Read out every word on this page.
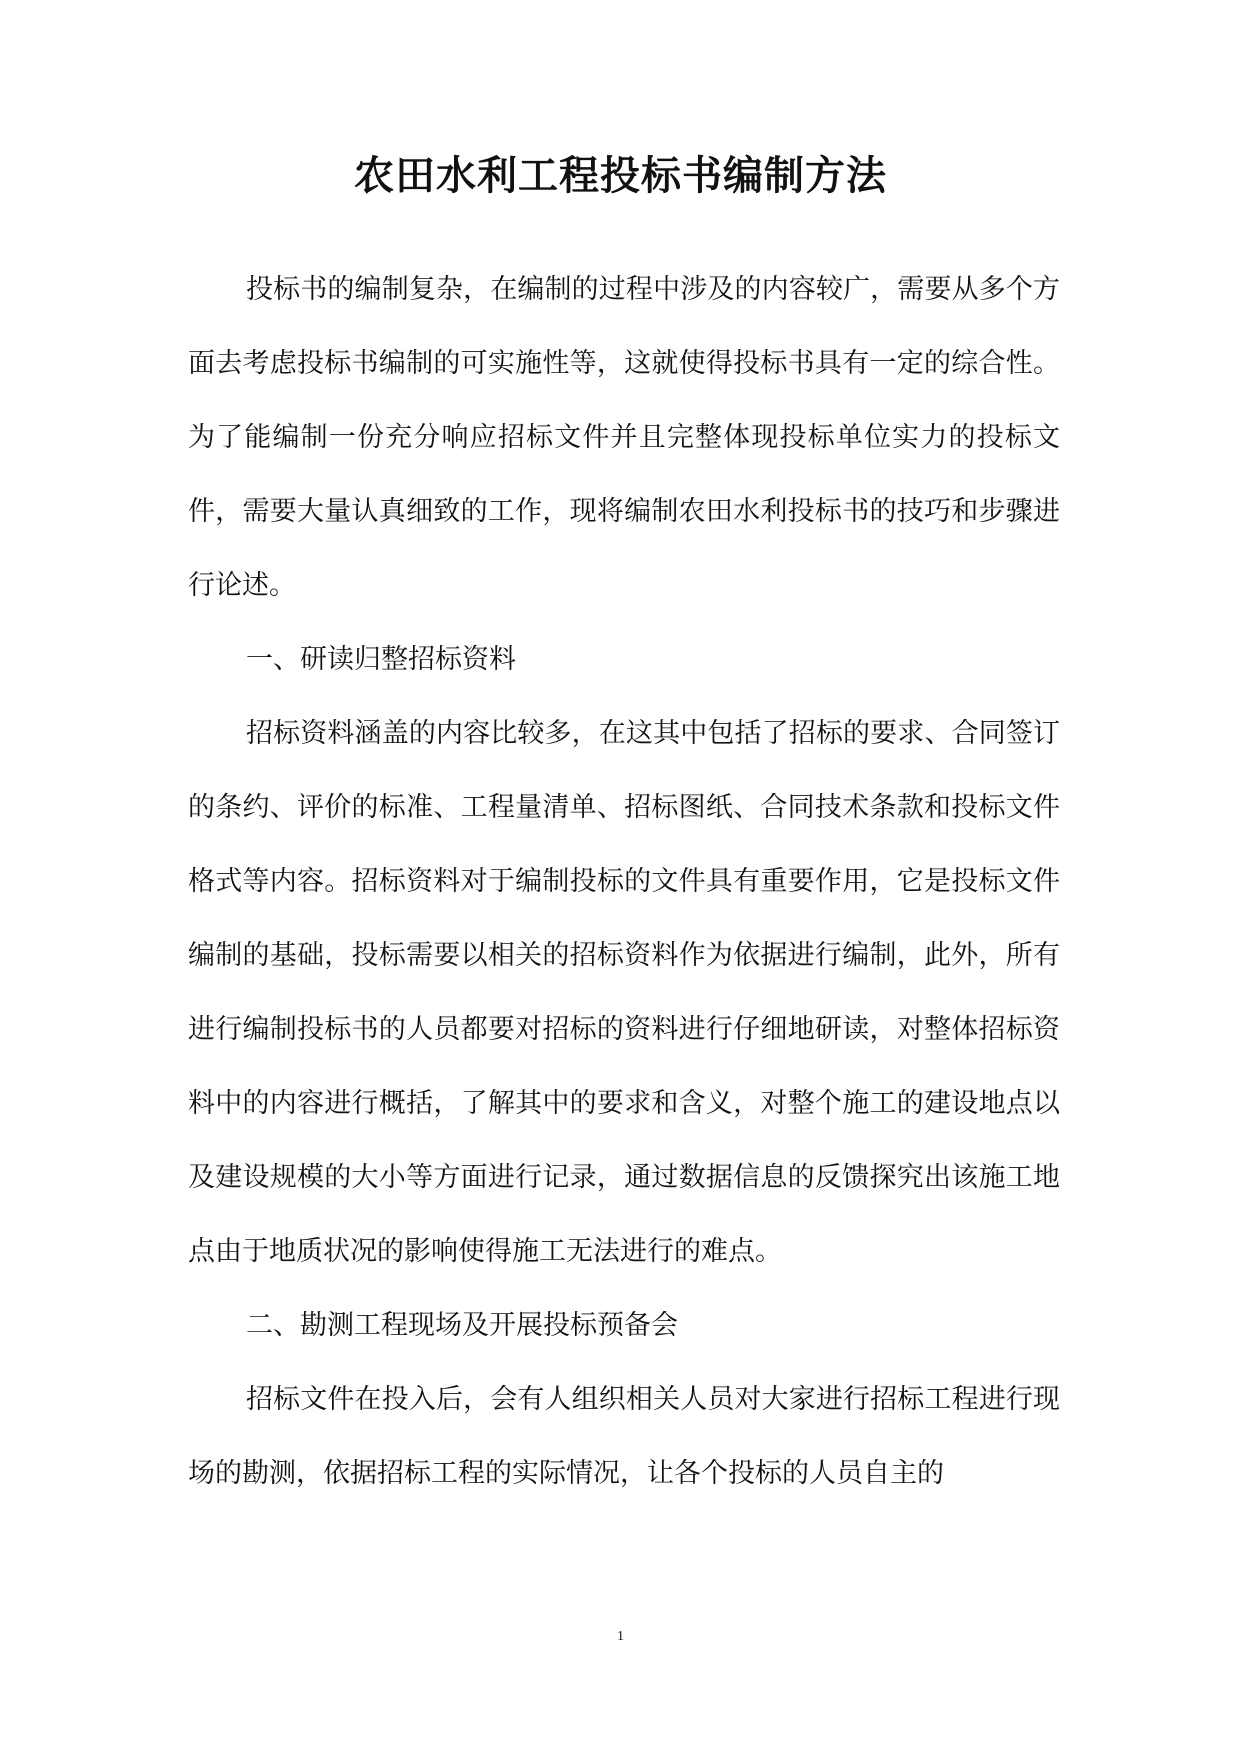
农田水利工程投标书编制方法

投标书的编制复杂，在编制的过程中涉及的内容较广，需要从多个方面去考虑投标书编制的可实施性等，这就使得投标书具有一定的综合性。为了能编制一份充分响应招标文件并且完整体现投标单位实力的投标文件，需要大量认真细致的工作，现将编制农田水利投标书的技巧和步骤进行论述。

一、研读归整招标资料

招标资料涵盖的内容比较多，在这其中包括了招标的要求、合同签订的条约、评价的标准、工程量清单、招标图纸、合同技术条款和投标文件格式等内容。招标资料对于编制投标的文件具有重要作用，它是投标文件编制的基础，投标需要以相关的招标资料作为依据进行编制，此外，所有进行编制投标书的人员都要对招标的资料进行仔细地研读，对整体招标资料中的内容进行概括，了解其中的要求和含义，对整个施工的建设地点以及建设规模的大小等方面进行记录，通过数据信息的反馈探究出该施工地点由于地质状况的影响使得施工无法进行的难点。

二、勘测工程现场及开展投标预备会

招标文件在投入后，会有人组织相关人员对大家进行招标工程进行现场的勘测，依据招标工程的实际情况，让各个投标的人员自主的

1
